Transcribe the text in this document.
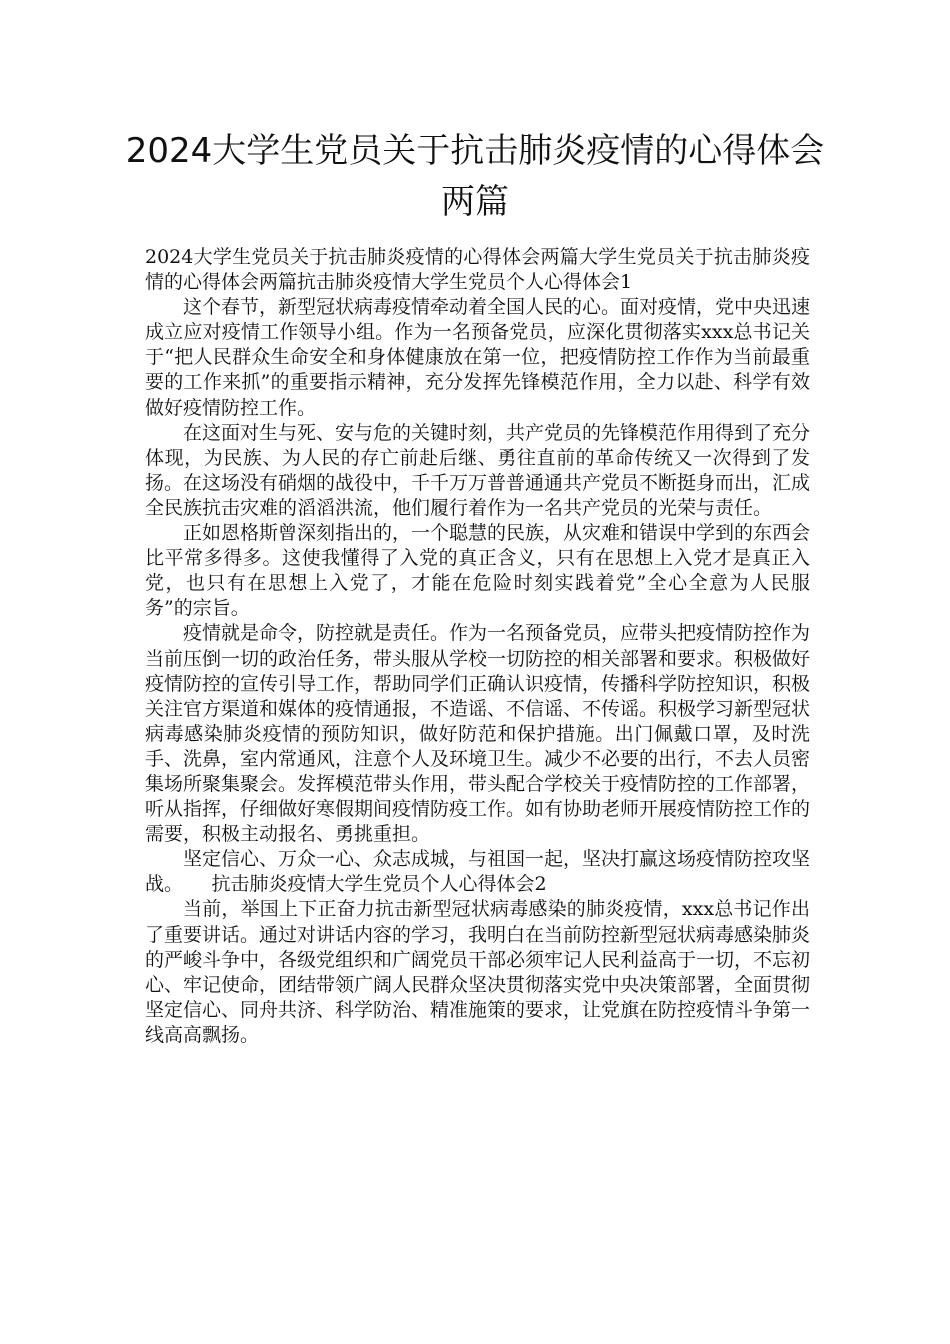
2024大学生党员关于抗击肺炎疫情的心得体会两篇

2024大学生党员关于抗击肺炎疫情的心得体会两篇大学生党员关于抗击肺炎疫情的心得体会两篇抗击肺炎疫情大学生党员个人心得体会1

这个春节，新型冠状病毒疫情牵动着全国人民的心。面对疫情，党中央迅速成立应对疫情工作领导小组。作为一名预备党员，应深化贯彻落实xxx总书记关于“把人民群众生命安全和身体健康放在第一位，把疫情防控工作作为当前最重要的工作来抓”的重要指示精神，充分发挥先锋模范作用，全力以赴、科学有效做好疫情防控工作。

在这面对生与死、安与危的关键时刻，共产党员的先锋模范作用得到了充分体现，为民族、为人民的存亡前赴后继、勇往直前的革命传统又一次得到了发扬。在这场没有硝烟的战役中，千千万万普普通通共产党员不断挺身而出，汇成全民族抗击灾难的滔滔洪流，他们履行着作为一名共产党员的光荣与责任。

正如恩格斯曾深刻指出的，一个聪慧的民族，从灾难和错误中学到的东西会比平常多得多。这使我懂得了入党的真正含义，只有在思想上入党才是真正入党，也只有在思想上入党了，才能在危险时刻实践着党”全心全意为人民服务”的宗旨。

疫情就是命令，防控就是责任。作为一名预备党员，应带头把疫情防控作为当前压倒一切的政治任务，带头服从学校一切防控的相关部署和要求。积极做好疫情防控的宣传引导工作，帮助同学们正确认识疫情，传播科学防控知识，积极关注官方渠道和媒体的疫情通报，不造谣、不信谣、不传谣。积极学习新型冠状病毒感染肺炎疫情的预防知识，做好防范和保护措施。出门佩戴口罩，及时洗手、洗鼻，室内常通风，注意个人及环境卫生。减少不必要的出行，不去人员密集场所聚集聚会。发挥模范带头作用，带头配合学校关于疫情防控的工作部署，听从指挥，仔细做好寒假期间疫情防疫工作。如有协助老师开展疫情防控工作的需要，积极主动报名、勇挑重担。

坚定信心、万众一心、众志成城，与祖国一起，坚决打赢这场疫情防控攻坚战。　　抗击肺炎疫情大学生党员个人心得体会2

当前，举国上下正奋力抗击新型冠状病毒感染的肺炎疫情，xxx总书记作出了重要讲话。通过对讲话内容的学习，我明白在当前防控新型冠状病毒感染肺炎的严峻斗争中，各级党组织和广阔党员干部必须牢记人民利益高于一切，不忘初心、牢记使命，团结带领广阔人民群众坚决贯彻落实党中央决策部署，全面贯彻坚定信心、同舟共济、科学防治、精准施策的要求，让党旗在防控疫情斗争第一线高高飘扬。
